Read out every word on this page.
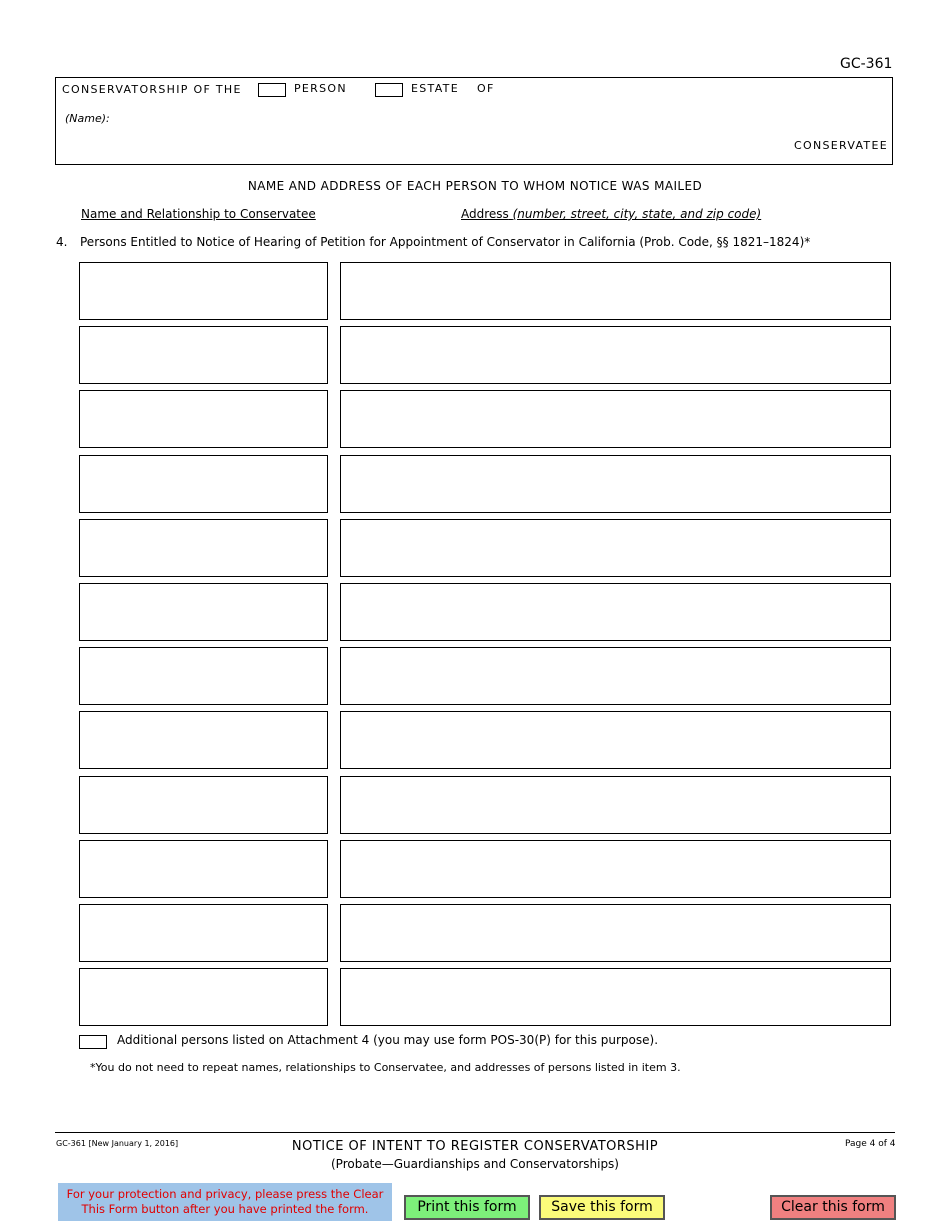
GC-361
CONSERVATORSHIP OF THE	PERSON	ESTATE OF
(Name):
CONSERVATEE
NAME AND ADDRESS OF EACH PERSON TO WHOM NOTICE WAS MAILED
Name and Relationship to Conservatee	Address (number, street, city, state, and zip code)
4. Persons Entitled to Notice of Hearing of Petition for Appointment of Conservator in California (Prob. Code, §§ 1821–1824)*
Additional persons listed on Attachment 4 (you may use form POS-30(P) for this purpose).
*You do not need to repeat names, relationships to Conservatee, and addresses of persons listed in item 3.
GC-361 [New January 1, 2016]	NOTICE OF INTENT TO REGISTER CONSERVATORSHIP
(Probate—Guardianships and Conservatorships)
Page 4 of 4
For your protection and privacy, please press the Clear This Form button after you have printed the form.	Print this form	Save this form	Clear this form
